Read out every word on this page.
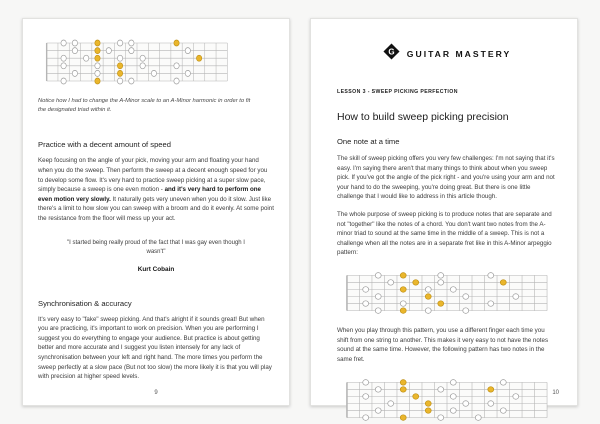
Notice how I had to change the A-Minor scale to an A-Minor harmonic in order to fit the designated triad within it.

Practice with a decent amount of speed

Keep focusing on the angle of your pick, moving your arm and floating your hand when you do the sweep. Then perform the sweep at a decent enough speed for you to develop some flow. It's very hard to practice sweep picking at a super slow pace, simply because a sweep is one even motion - and it's very hard to perform one even motion very slowly. It naturally gets very uneven when you do it slow. Just like there's a limit to how slow you can sweep with a broom and do it evenly. At some point the resistance from the floor will mess up your act.

"I started being really proud of the fact that I was gay even though I wasn't"

Kurt Cobain

Synchronisation & accuracy

It's very easy to "fake" sweep picking. And that's alright if it sounds great! But when you are practicing, it's important to work on precision. When you are performing I suggest you do everything to engage your audience. But practice is about getting better and more accurate and I suggest you listen intensely for any lack of synchronisation between your left and right hand. The more times you perform the sweep perfectly at a slow pace (But not too slow) the more likely it is that you will play with precision at higher speed levels.

9
G GUITAR MASTERY
LESSON 3 - SWEEP PICKING PERFECTION
How to build sweep picking precision
One note at a time

The skill of sweep picking offers you very few challenges: I'm not saying that it's easy. I'm saying there aren't that many things to think about when you sweep pick. If you've got the angle of the pick right - and you're using your arm and not your hand to do the sweeping, you're doing great. But there is one little challenge that I would like to address in this article though.

The whole purpose of sweep picking is to produce notes that are separate and not "together" like the notes of a chord. You don't want two notes from the A-minor triad to sound at the same time in the middle of a sweep. This is not a challenge when all the notes are in a separate fret like in this A-Minor arpeggio pattern:

When you play through this pattern, you use a different finger each time you shift from one string to another. This makes it very easy to not have the notes sound at the same time. However, the following pattern has two notes in the same fret.

10
